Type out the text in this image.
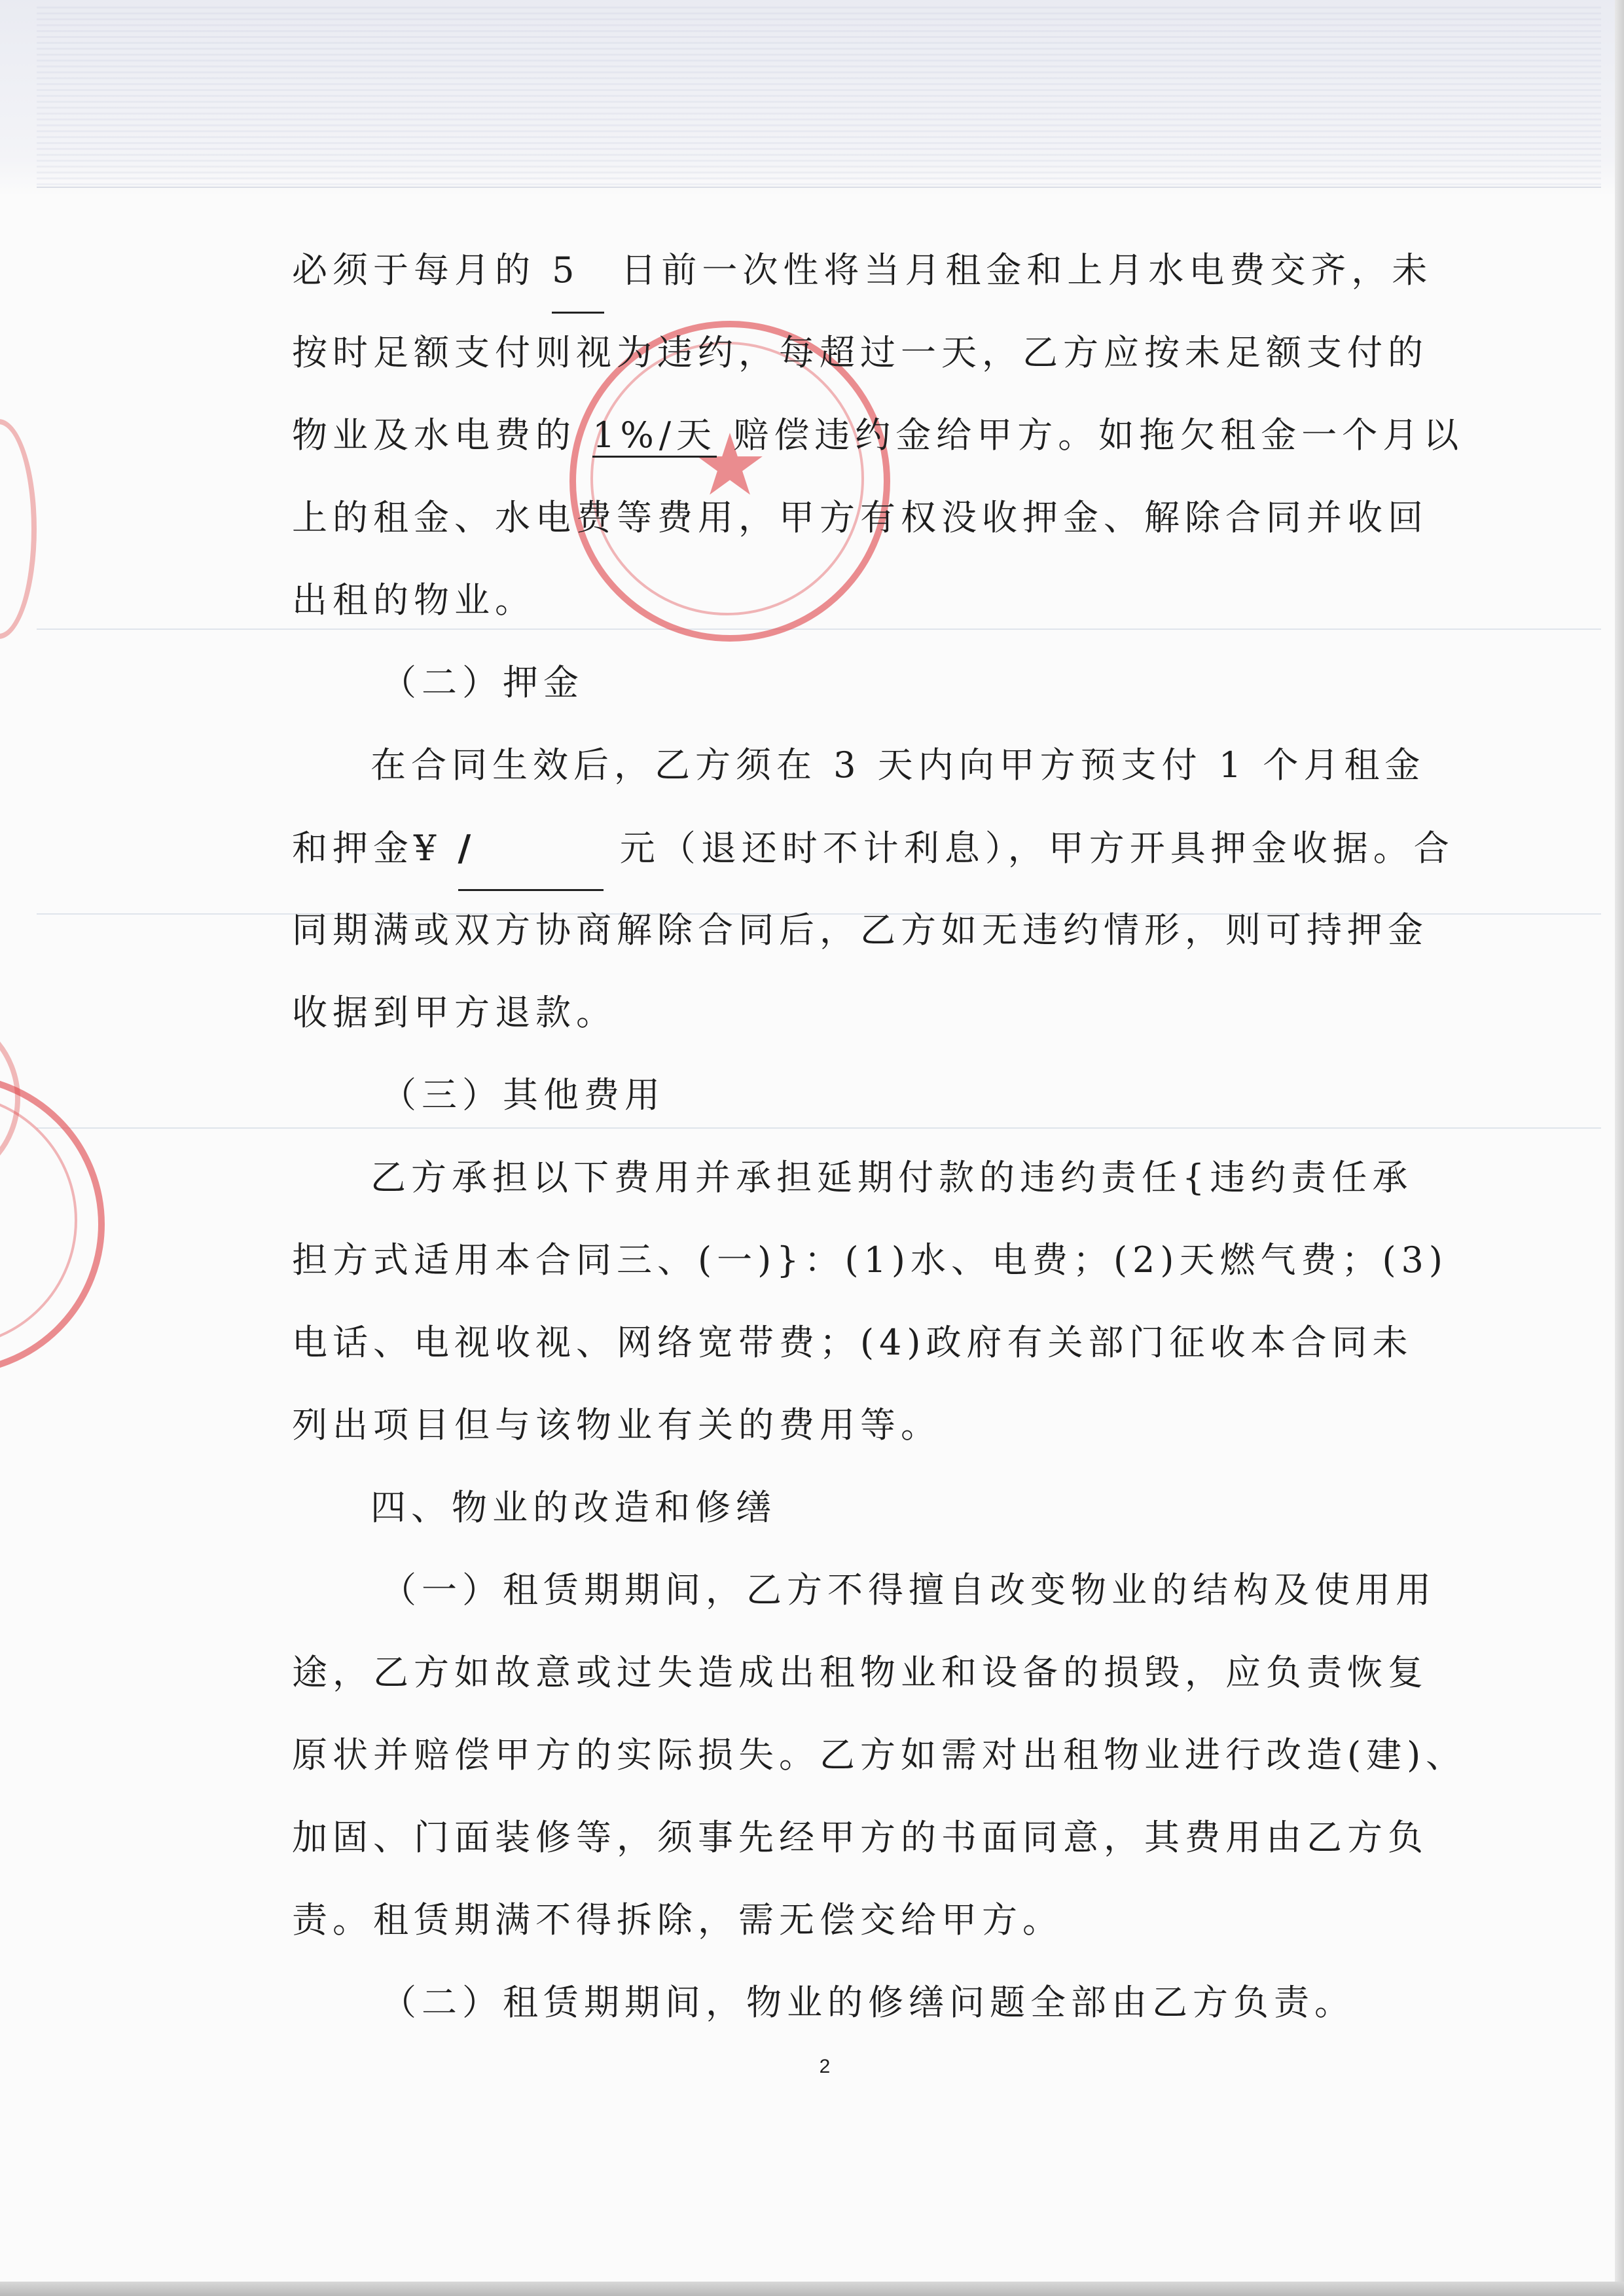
★
必须于每月的 5 日前一次性将当月租金和上月水电费交齐，未
按时足额支付则视为违约，每超过一天，乙方应按未足额支付的
物业及水电费的 1%/天 赔偿违约金给甲方。如拖欠租金一个月以
上的租金、水电费等费用，甲方有权没收押金、解除合同并收回
出租的物业。
（二）押金
在合同生效后，乙方须在 3 天内向甲方预支付 1 个月租金
和押金¥ /	元（退还时不计利息），甲方开具押金收据。合
同期满或双方协商解除合同后，乙方如无违约情形，则可持押金
收据到甲方退款。
（三）其他费用
乙方承担以下费用并承担延期付款的违约责任{违约责任承
担方式适用本合同三、(一)}：(1)水、电费；(2)天燃气费；(3)
电话、电视收视、网络宽带费；(4)政府有关部门征收本合同未
列出项目但与该物业有关的费用等。
四、物业的改造和修缮
（一）租赁期期间，乙方不得擅自改变物业的结构及使用用
途，乙方如故意或过失造成出租物业和设备的损毁，应负责恢复
原状并赔偿甲方的实际损失。乙方如需对出租物业进行改造(建)、
加固、门面装修等，须事先经甲方的书面同意，其费用由乙方负
责。租赁期满不得拆除，需无偿交给甲方。
（二）租赁期期间，物业的修缮问题全部由乙方负责。
2
